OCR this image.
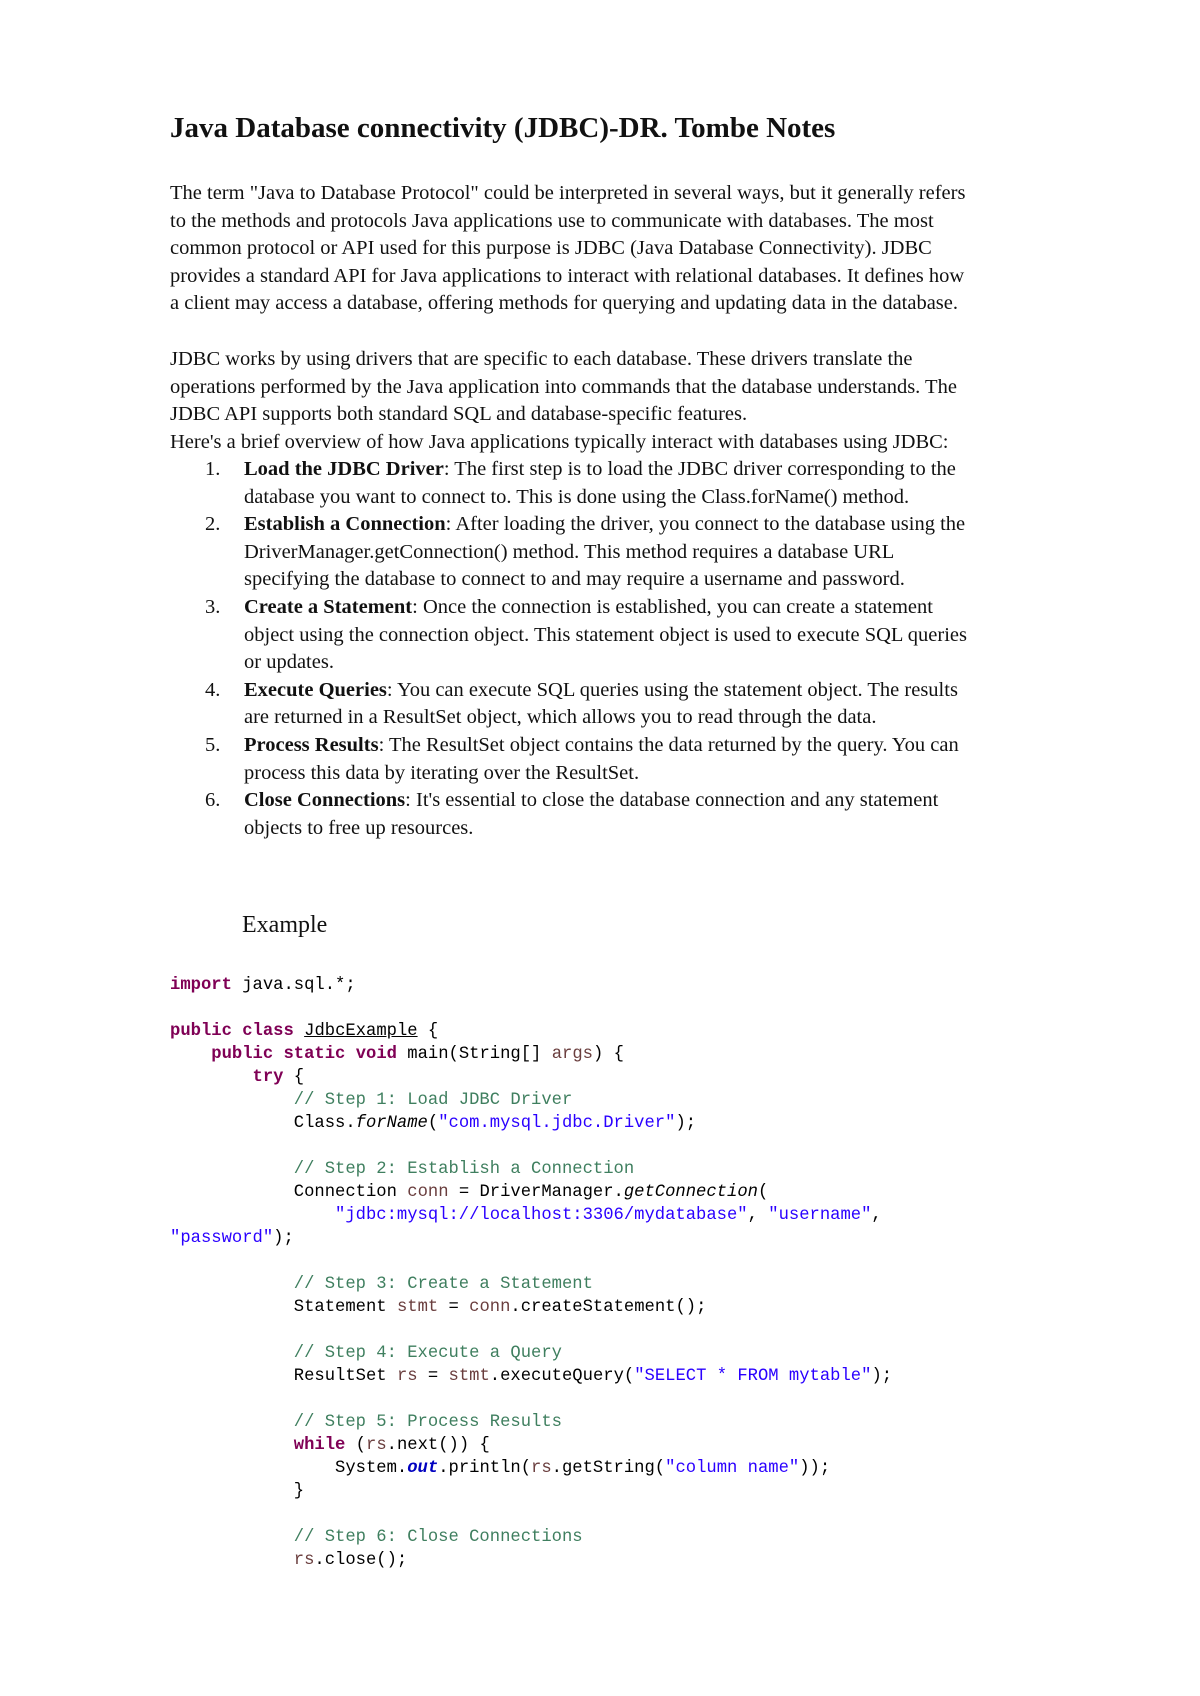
Java Database connectivity (JDBC)-DR. Tombe Notes

The term "Java to Database Protocol" could be interpreted in several ways, but it generally refers
to the methods and protocols Java applications use to communicate with databases. The most
common protocol or API used for this purpose is JDBC (Java Database Connectivity). JDBC
provides a standard API for Java applications to interact with relational databases. It defines how
a client may access a database, offering methods for querying and updating data in the database.

JDBC works by using drivers that are specific to each database. These drivers translate the
operations performed by the Java application into commands that the database understands. The
JDBC API supports both standard SQL and database-specific features.
Here's a brief overview of how Java applications typically interact with databases using JDBC:

1. Load the JDBC Driver: The first step is to load the JDBC driver corresponding to the
database you want to connect to. This is done using the Class.forName() method.
2. Establish a Connection: After loading the driver, you connect to the database using the
DriverManager.getConnection() method. This method requires a database URL
specifying the database to connect to and may require a username and password.
3. Create a Statement: Once the connection is established, you can create a statement
object using the connection object. This statement object is used to execute SQL queries
or updates.
4. Execute Queries: You can execute SQL queries using the statement object. The results
are returned in a ResultSet object, which allows you to read through the data.
5. Process Results: The ResultSet object contains the data returned by the query. You can
process this data by iterating over the ResultSet.
6. Close Connections: It's essential to close the database connection and any statement
objects to free up resources.
Example
import java.sql.*;
public class JdbcExample {
public static void main(String[] args) {
try {
// Step 1: Load JDBC Driver
Class.forName("com.mysql.jdbc.Driver");
// Step 2: Establish a Connection
Connection conn = DriverManager.getConnection(
"jdbc:mysql://localhost:3306/mydatabase", "username",
"password");
// Step 3: Create a Statement
Statement stmt = conn.createStatement();
// Step 4: Execute a Query
ResultSet rs = stmt.executeQuery("SELECT * FROM mytable");
// Step 5: Process Results
while (rs.next()) {
System.out.println(rs.getString("column name"));
}
// Step 6: Close Connections
rs.close();
